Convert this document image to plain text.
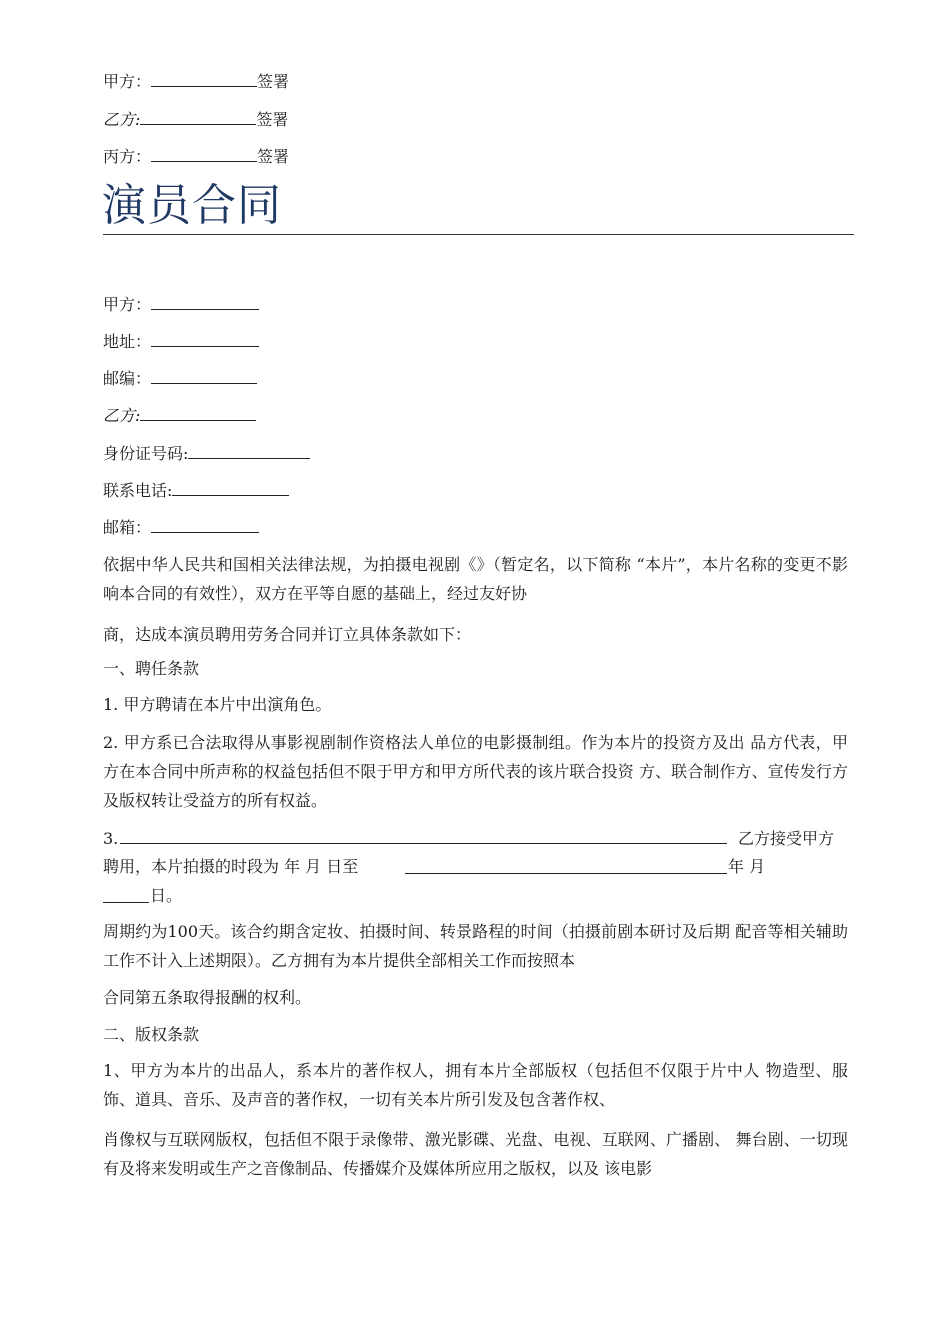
甲方：	签署
乙方:	签署
丙方：	签署
演员合同
甲方：
地址：
邮编：
乙方:
身份证号码:
联系电话:
邮箱：
依据中华人民共和国相关法律法规，为拍摄电视剧《》（暂定名，以下简称 “本片”，本片名称的变更不影响本合同的有效性），双方在平等自愿的基础上，经过友好协
商，达成本演员聘用劳务合同并订立具体条款如下：
一、聘任条款
1. 甲方聘请在本片中出演角色。
2. 甲方系已合法取得从事影视剧制作资格法人单位的电影摄制组。作为本片的投资方及出 品方代表，甲方在本合同中所声称的权益包括但不限于甲方和甲方所代表的该片联合投资 方、联合制作方、宣传发行方及版权转让受益方的所有权益。
3.	乙方接受甲方
聘用，本片拍摄的时段为 年 月 日至	年 月
日。
周期约为100天。该合约期含定妆、拍摄时间、转景路程的时间（拍摄前剧本研讨及后期 配音等相关辅助工作不计入上述期限）。乙方拥有为本片提供全部相关工作而按照本
合同第五条取得报酬的权利。
二、版权条款
1、甲方为本片的出品人，系本片的著作权人，拥有本片全部版权（包括但不仅限于片中人 物造型、服饰、道具、音乐、及声音的著作权，一切有关本片所引发及包含著作权、
肖像权与互联网版权，包括但不限于录像带、激光影碟、光盘、电视、互联网、广播剧、 舞台剧、一切现有及将来发明或生产之音像制品、传播媒介及媒体所应用之版权，以及 该电影
